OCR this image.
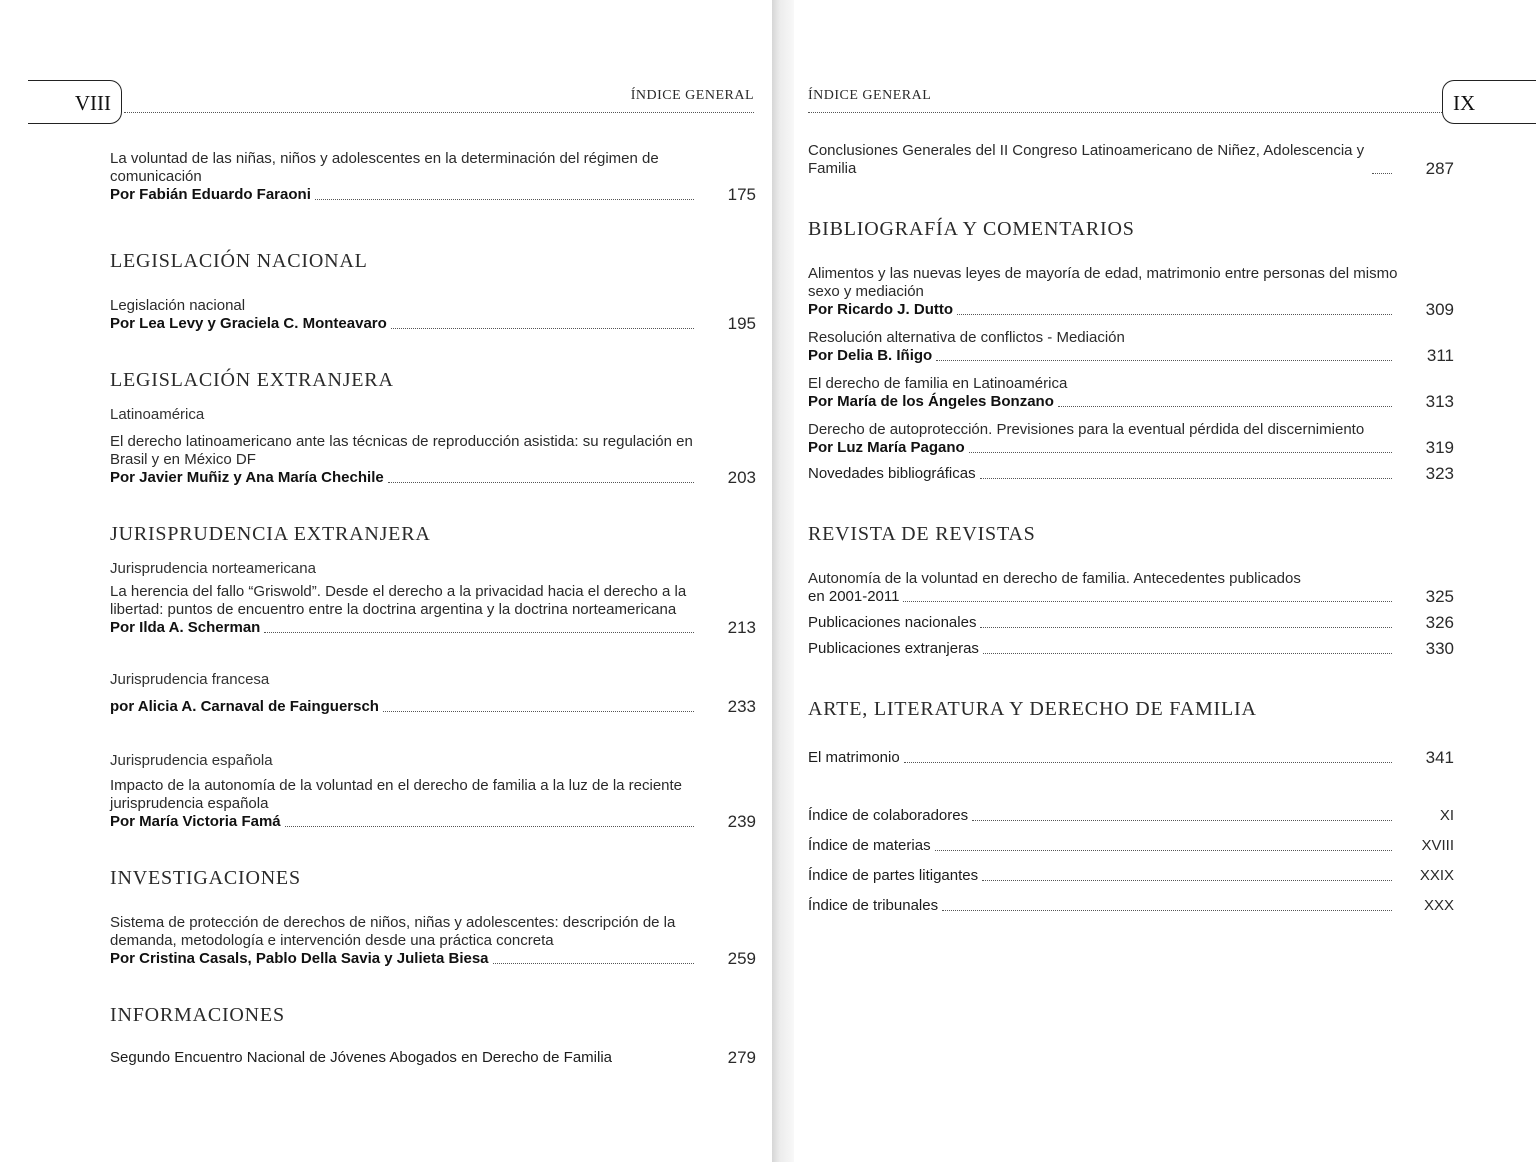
VIII	ÍNDICE GENERAL
La voluntad de las niñas, niños y adolescentes en la determinación del régimen de comunicación
Por Fabián Eduardo Faraoni	175
LEGISLACIÓN NACIONAL
Legislación nacional
Por Lea Levy y Graciela C. Monteavaro	195
LEGISLACIÓN EXTRANJERA
Latinoamérica
El derecho latinoamericano ante las técnicas de reproducción asistida: su regulación en Brasil y en México DF
Por Javier Muñiz y Ana María Chechile	203
JURISPRUDENCIA EXTRANJERA
Jurisprudencia norteamericana
La herencia del fallo “Griswold”. Desde el derecho a la privacidad hacia el derecho a la libertad: puntos de encuentro entre la doctrina argentina y la doctrina norteamericana
Por Ilda A. Scherman	213
Jurisprudencia francesa
por Alicia A. Carnaval de Fainguersch	233
Jurisprudencia española
Impacto de la autonomía de la voluntad en el derecho de familia a la luz de la reciente jurisprudencia española
Por María Victoria Famá	239
INVESTIGACIONES
Sistema de protección de derechos de niños, niñas y adolescentes: descripción de la demanda, metodología e intervención desde una práctica concreta
Por Cristina Casals, Pablo Della Savia y Julieta Biesa	259
INFORMACIONES
Segundo Encuentro Nacional de Jóvenes Abogados en Derecho de Familia	279
ÍNDICE GENERAL	IX
Conclusiones Generales del II Congreso Latinoamericano de Niñez, Adolescencia y Familia	287
BIBLIOGRAFÍA Y COMENTARIOS
Alimentos y las nuevas leyes de mayoría de edad, matrimonio entre personas del mismo sexo y mediación
Por Ricardo J. Dutto	309
Resolución alternativa de conflictos - Mediación
Por Delia B. Iñigo	311
El derecho de familia en Latinoamérica
Por María de los Ángeles Bonzano	313
Derecho de autoprotección. Previsiones para la eventual pérdida del discernimiento
Por Luz María Pagano	319
Novedades bibliográficas	323
REVISTA DE REVISTAS
Autonomía de la voluntad en derecho de familia. Antecedentes publicados
en 2001-2011	325
Publicaciones nacionales	326
Publicaciones extranjeras	330
ARTE, LITERATURA Y DERECHO DE FAMILIA
El matrimonio	341
Índice de colaboradores	XI
Índice de materias	XVIII
Índice de partes litigantes	XXIX
Índice de tribunales	XXX
